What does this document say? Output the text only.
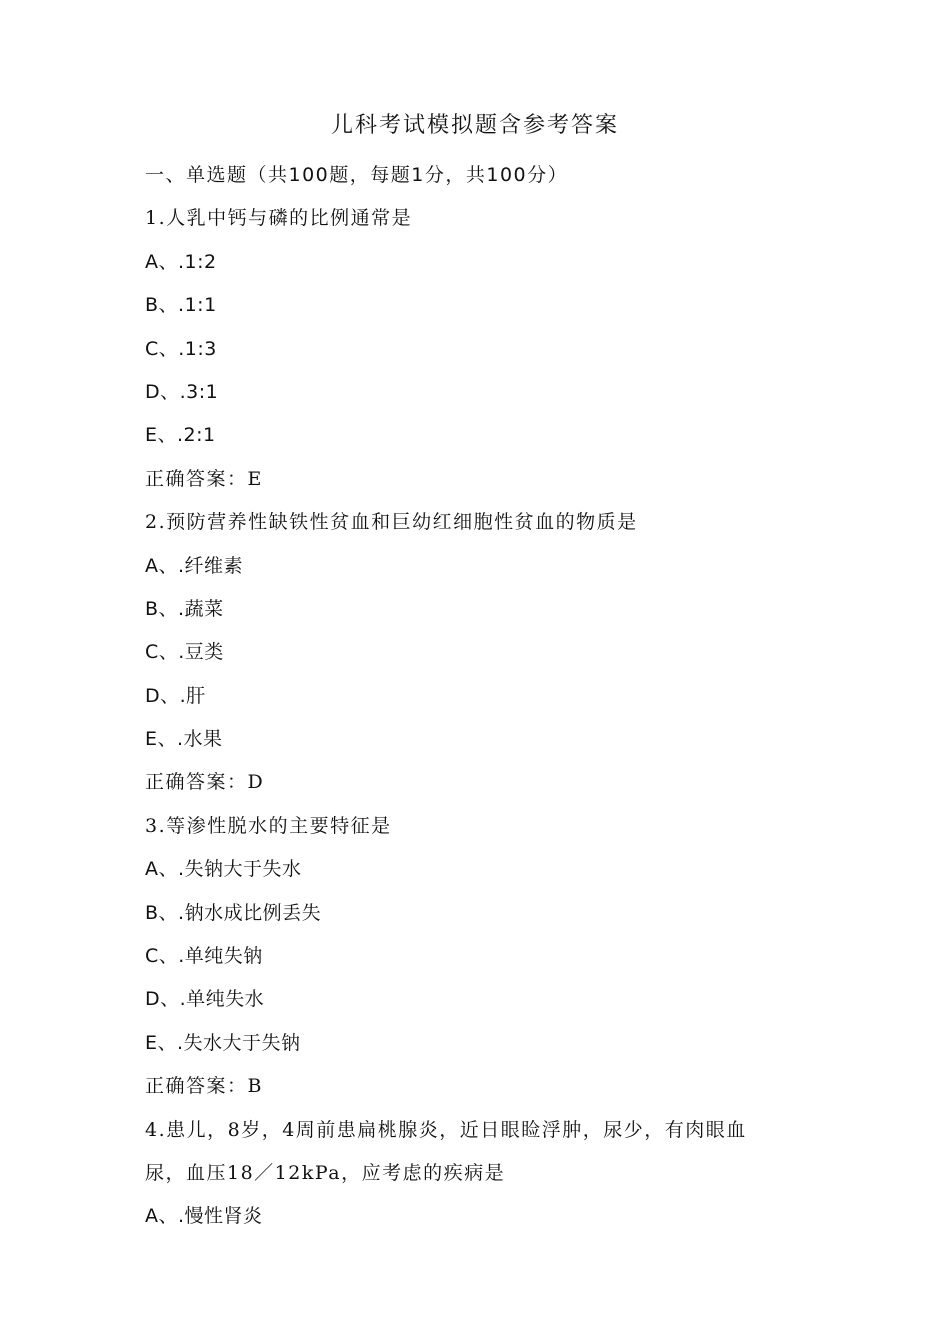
儿科考试模拟题含参考答案
一、单选题（共100题，每题1分，共100分）
1.人乳中钙与磷的比例通常是
A、.1:2
B、.1:1
C、.1:3
D、.3:1
E、.2:1
正确答案：E
2.预防营养性缺铁性贫血和巨幼红细胞性贫血的物质是
A、.纤维素
B、.蔬菜
C、.豆类
D、.肝
E、.水果
正确答案：D
3.等渗性脱水的主要特征是
A、.失钠大于失水
B、.钠水成比例丢失
C、.单纯失钠
D、.单纯失水
E、.失水大于失钠
正确答案：B
4.患儿，8岁，4周前患扁桃腺炎，近日眼睑浮肿，尿少，有肉眼血
尿，血压18／12kPa，应考虑的疾病是
A、.慢性肾炎
